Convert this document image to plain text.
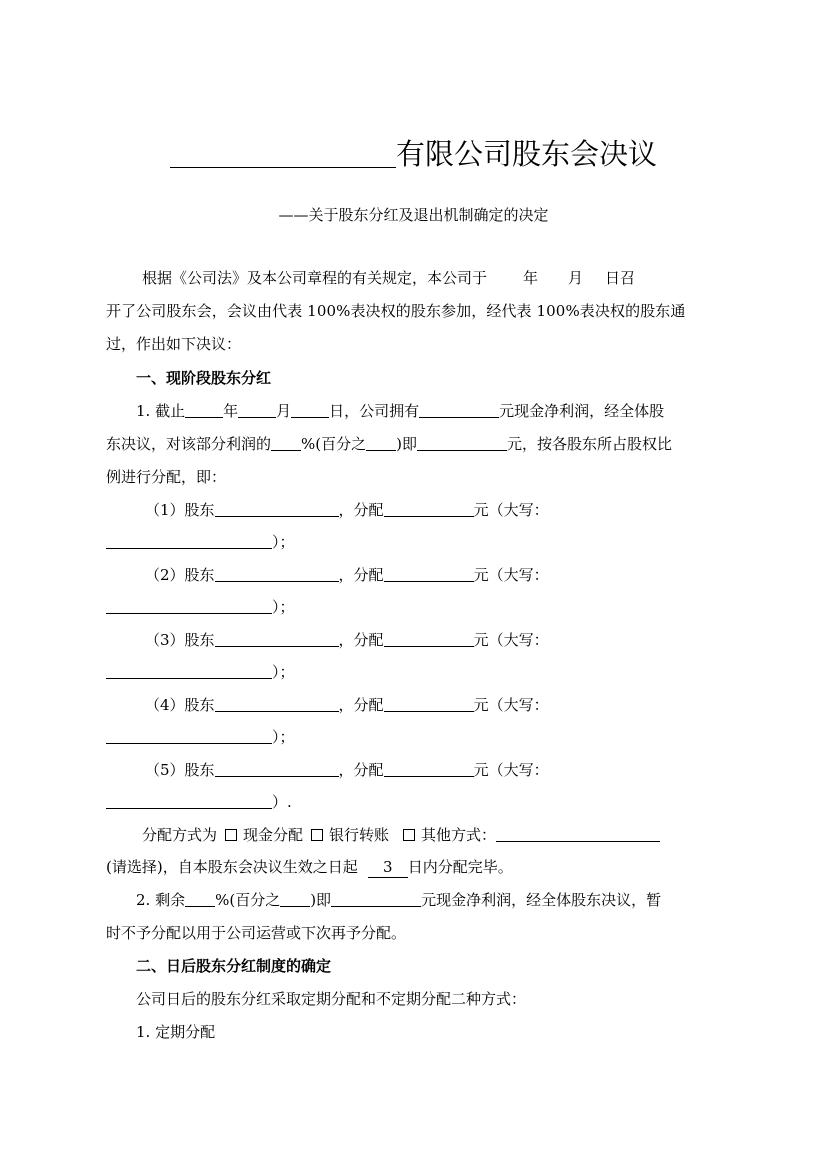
有限公司股东会决议
——关于股东分红及退出机制确定的决定
根据《公司法》及本公司章程的有关规定，本公司于 年 月 日召
开了公司股东会，会议由代表 100%表决权的股东参加，经代表 100%表决权的股东通
过，作出如下决议：
一、现阶段股东分红
1. 截止	年	月	日，公司拥有	元现金净利润，经全体股
东决议，对该部分利润的 %(百分之 )即	元，按各股东所占股权比
例进行分配，即：
（1）股东	，分配	元（大写：
）；
（2）股东	，分配	元（大写：
）；
（3）股东	，分配	元（大写：
）；
（4）股东	，分配	元（大写：
）；
（5）股东	，分配	元（大写：
）.
分配方式为 现金分配 银行转账 其他方式：
(请选择)，自本股东会决议生效之日起 3 日内分配完毕。
2. 剩余 %(百分之 )即	元现金净利润，经全体股东决议，暂
时不予分配以用于公司运营或下次再予分配。
二、日后股东分红制度的确定
公司日后的股东分红采取定期分配和不定期分配二种方式：
1. 定期分配
